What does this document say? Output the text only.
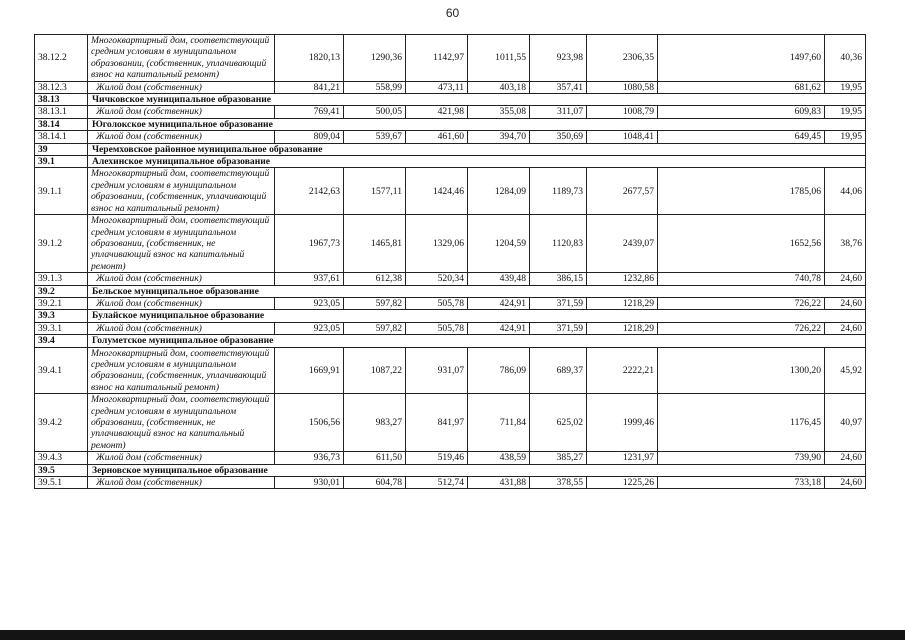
60
38.12.2	Многоквартирный дом, соответствующий средним условиям в муниципальном образовании, (собственник, уплачивающий взнос на капитальный ремонт)	1820,13	1290,36	1142,97	1011,55	923,98	2306,35	1497,60	40,36
38.12.3	Жилой дом (собственник)	841,21	558,99	473,11	403,18	357,41	1080,58	681,62	19,95
38.13	Чичковское муниципальное образование								
38.13.1	Жилой дом (собственник)	769,41	500,05	421,98	355,08	311,07	1008,79	609,83	19,95
38.14	Юголокское муниципальное образование								
38.14.1	Жилой дом (собственник)	809,04	539,67	461,60	394,70	350,69	1048,41	649,45	19,95
39	Черемховское районное муниципальное образование								
39.1	Алехинское муниципальное образование								
39.1.1	Многоквартирный дом, соответствующий средним условиям в муниципальном образовании, (собственник, уплачивающий взнос на капитальный ремонт)	2142,63	1577,11	1424,46	1284,09	1189,73	2677,57	1785,06	44,06
39.1.2	Многоквартирный дом, соответствующий средним условиям в муниципальном образовании, (собственник, не уплачивающий взнос на капитальный ремонт)	1967,73	1465,81	1329,06	1204,59	1120,83	2439,07	1652,56	38,76
39.1.3	Жилой дом (собственник)	937,61	612,38	520,34	439,48	386,15	1232,86	740,78	24,60
39.2	Бельское муниципальное образование								
39.2.1	Жилой дом (собственник)	923,05	597,82	505,78	424,91	371,59	1218,29	726,22	24,60
39.3	Булайское муниципальное образование								
39.3.1	Жилой дом (собственник)	923,05	597,82	505,78	424,91	371,59	1218,29	726,22	24,60
39.4	Голуметское муниципальное образование								
39.4.1	Многоквартирный дом, соответствующий средним условиям в муниципальном образовании, (собственник, уплачивающий взнос на капитальный ремонт)	1669,91	1087,22	931,07	786,09	689,37	2222,21	1300,20	45,92
39.4.2	Многоквартирный дом, соответствующий средним условиям в муниципальном образовании, (собственник, не уплачивающий взнос на капитальный ремонт)	1506,56	983,27	841,97	711,84	625,02	1999,46	1176,45	40,97
39.4.3	Жилой дом (собственник)	936,73	611,50	519,46	438,59	385,27	1231,97	739,90	24,60
39.5	Зерновское муниципальное образование								
39.5.1	Жилой дом (собственник)	930,01	604,78	512,74	431,88	378,55	1225,26	733,18	24,60
